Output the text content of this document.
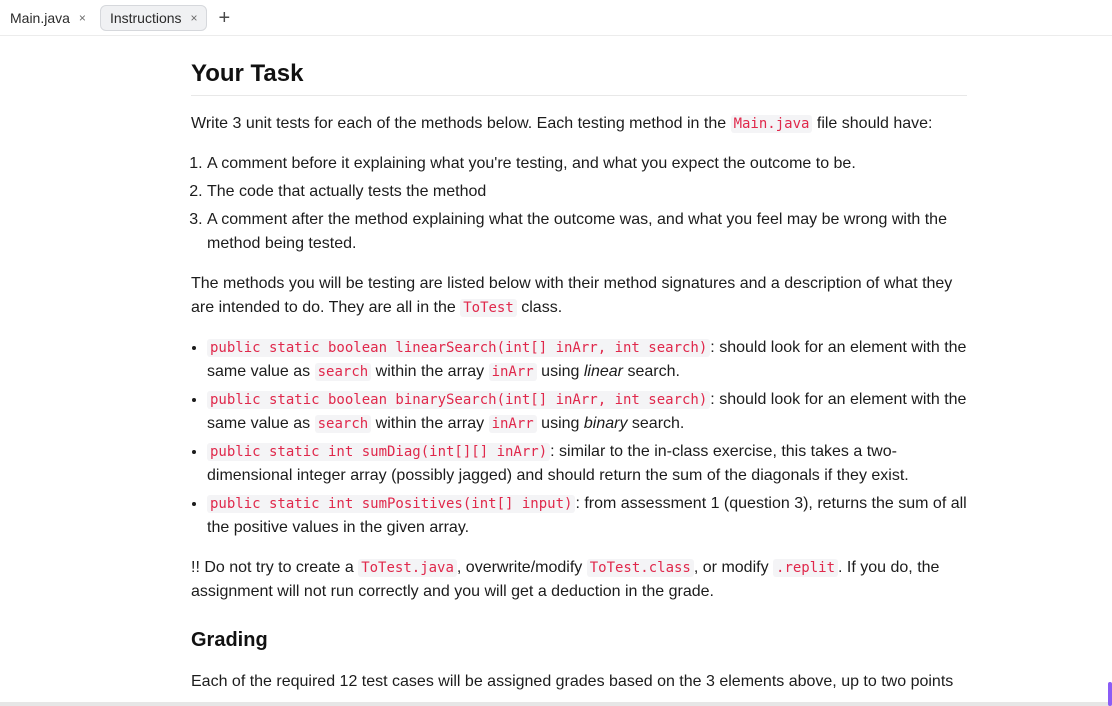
Main.java × Instructions × +
Your Task

Write 3 unit tests for each of the methods below. Each testing method in the Main.java file should have:

1. A comment before it explaining what you're testing, and what you expect the outcome to be.
2. The code that actually tests the method
3. A comment after the method explaining what the outcome was, and what you feel may be wrong with the method being tested.

The methods you will be testing are listed below with their method signatures and a description of what they are intended to do. They are all in the ToTest class.

• public static boolean linearSearch(int[] inArr, int search) : should look for an element with the same value as search within the array inArr using linear search.
• public static boolean binarySearch(int[] inArr, int search) : should look for an element with the same value as search within the array inArr using binary search.
• public static int sumDiag(int[][] inArr) : similar to the in-class exercise, this takes a two-dimensional integer array (possibly jagged) and should return the sum of the diagonals if they exist.
• public static int sumPositives(int[] input) : from assessment 1 (question 3), returns the sum of all the positive values in the given array.

!! Do not try to create a ToTest.java , overwrite/modify ToTest.class , or modify .replit . If you do, the assignment will not run correctly and you will get a deduction in the grade.

Grading

Each of the required 12 test cases will be assigned grades based on the 3 elements above, up to two points
